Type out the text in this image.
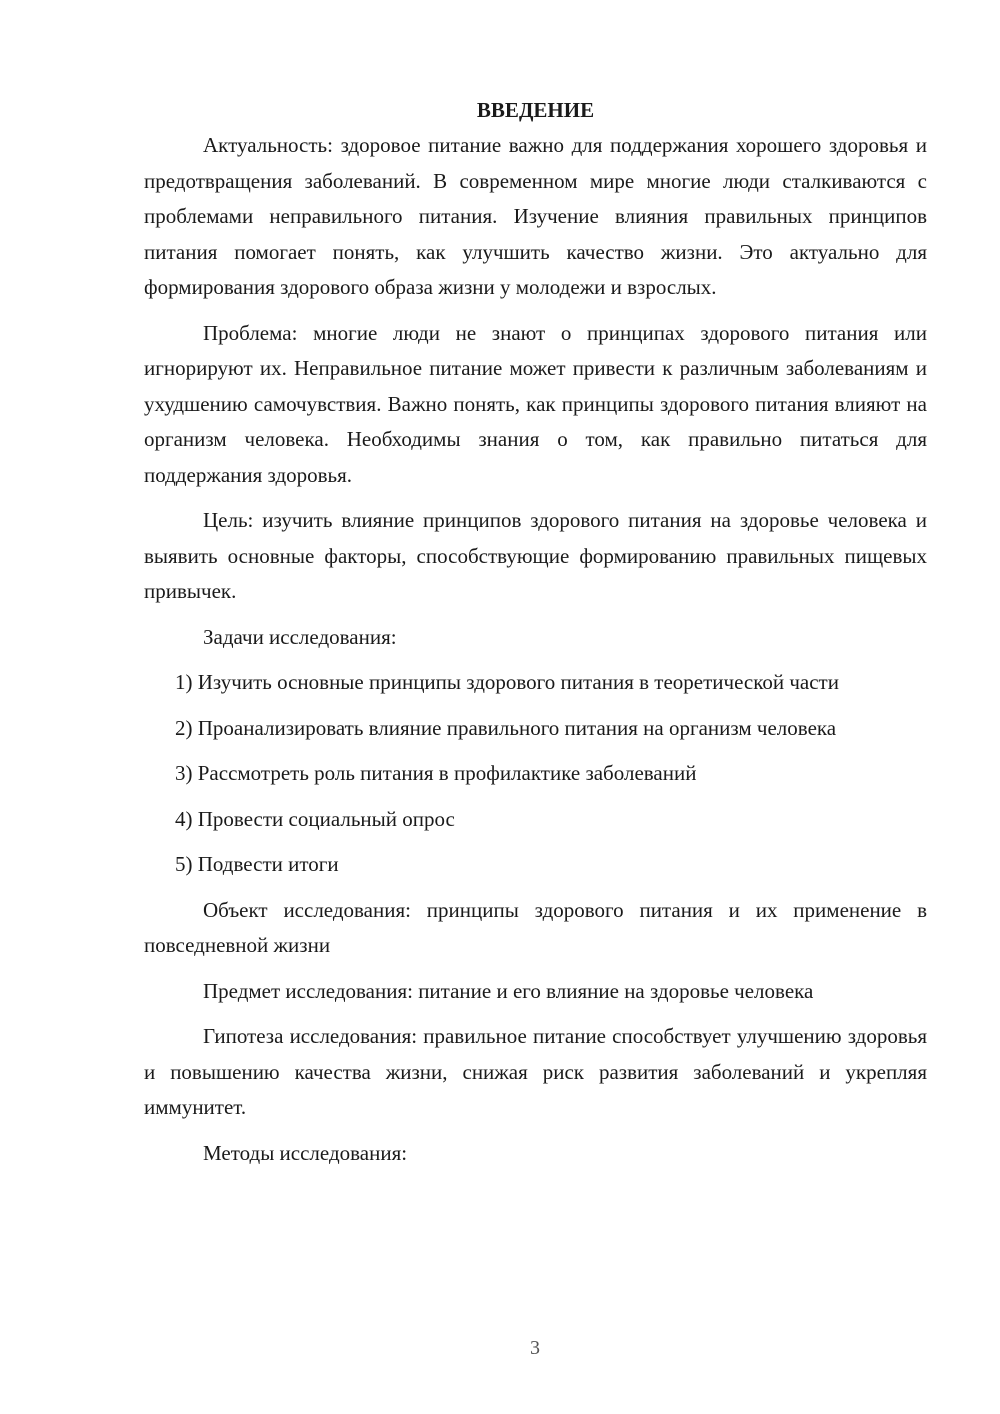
ВВЕДЕНИЕ

Актуальность: здоровое питание важно для поддержания хорошего здоровья и предотвращения заболеваний. В современном мире многие люди сталкиваются с проблемами неправильного питания. Изучение влияния правильных принципов питания помогает понять, как улучшить качество жизни. Это актуально для формирования здорового образа жизни у молодежи и взрослых.

Проблема: многие люди не знают о принципах здорового питания или игнорируют их. Неправильное питание может привести к различным заболеваниям и ухудшению самочувствия. Важно понять, как принципы здорового питания влияют на организм человека. Необходимы знания о том, как правильно питаться для поддержания здоровья.

Цель: изучить влияние принципов здорового питания на здоровье человека и выявить основные факторы, способствующие формированию правильных пищевых привычек.

Задачи исследования:

1) Изучить основные принципы здорового питания в теоретической части

2) Проанализировать влияние правильного питания на организм человека

3) Рассмотреть роль питания в профилактике заболеваний

4) Провести социальный опрос

5) Подвести итоги

Объект исследования: принципы здорового питания и их применение в повседневной жизни

Предмет исследования: питание и его влияние на здоровье человека

Гипотеза исследования: правильное питание способствует улучшению здоровья и повышению качества жизни, снижая риск развития заболеваний и укрепляя иммунитет.

Методы исследования:

3
